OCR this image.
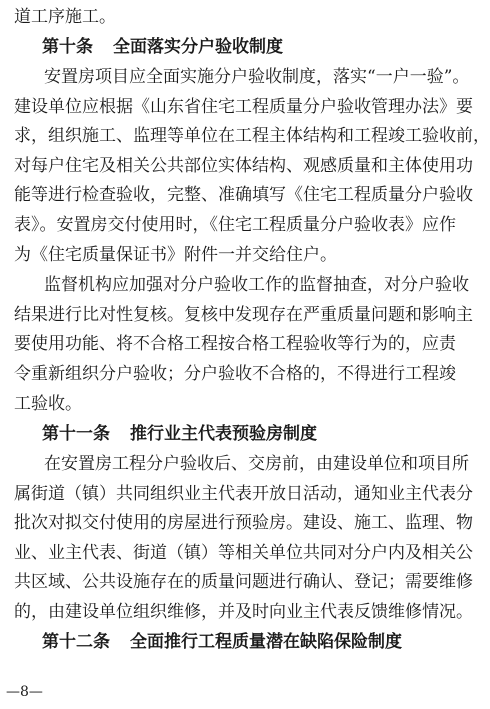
道工序施工。
第十条 全面落实分户验收制度
安置房项目应全面实施分户验收制度，落实“一户一验”。
建设单位应根据《山东省住宅工程质量分户验收管理办法》要
求，组织施工、监理等单位在工程主体结构和工程竣工验收前，
对每户住宅及相关公共部位实体结构、观感质量和主体使用功
能等进行检查验收，完整、准确填写《住宅工程质量分户验收
表》。安置房交付使用时，《住宅工程质量分户验收表》应作
为《住宅质量保证书》附件一并交给住户。
监督机构应加强对分户验收工作的监督抽查，对分户验收
结果进行比对性复核。复核中发现存在严重质量问题和影响主
要使用功能、将不合格工程按合格工程验收等行为的，应责
令重新组织分户验收；分户验收不合格的，不得进行工程竣
工验收。
第十一条 推行业主代表预验房制度
在安置房工程分户验收后、交房前，由建设单位和项目所
属街道（镇）共同组织业主代表开放日活动，通知业主代表分
批次对拟交付使用的房屋进行预验房。建设、施工、监理、物
业、业主代表、街道（镇）等相关单位共同对分户内及相关公
共区域、公共设施存在的质量问题进行确认、登记；需要维修
的，由建设单位组织维修，并及时向业主代表反馈维修情况。
第十二条 全面推行工程质量潜在缺陷保险制度
—8—
